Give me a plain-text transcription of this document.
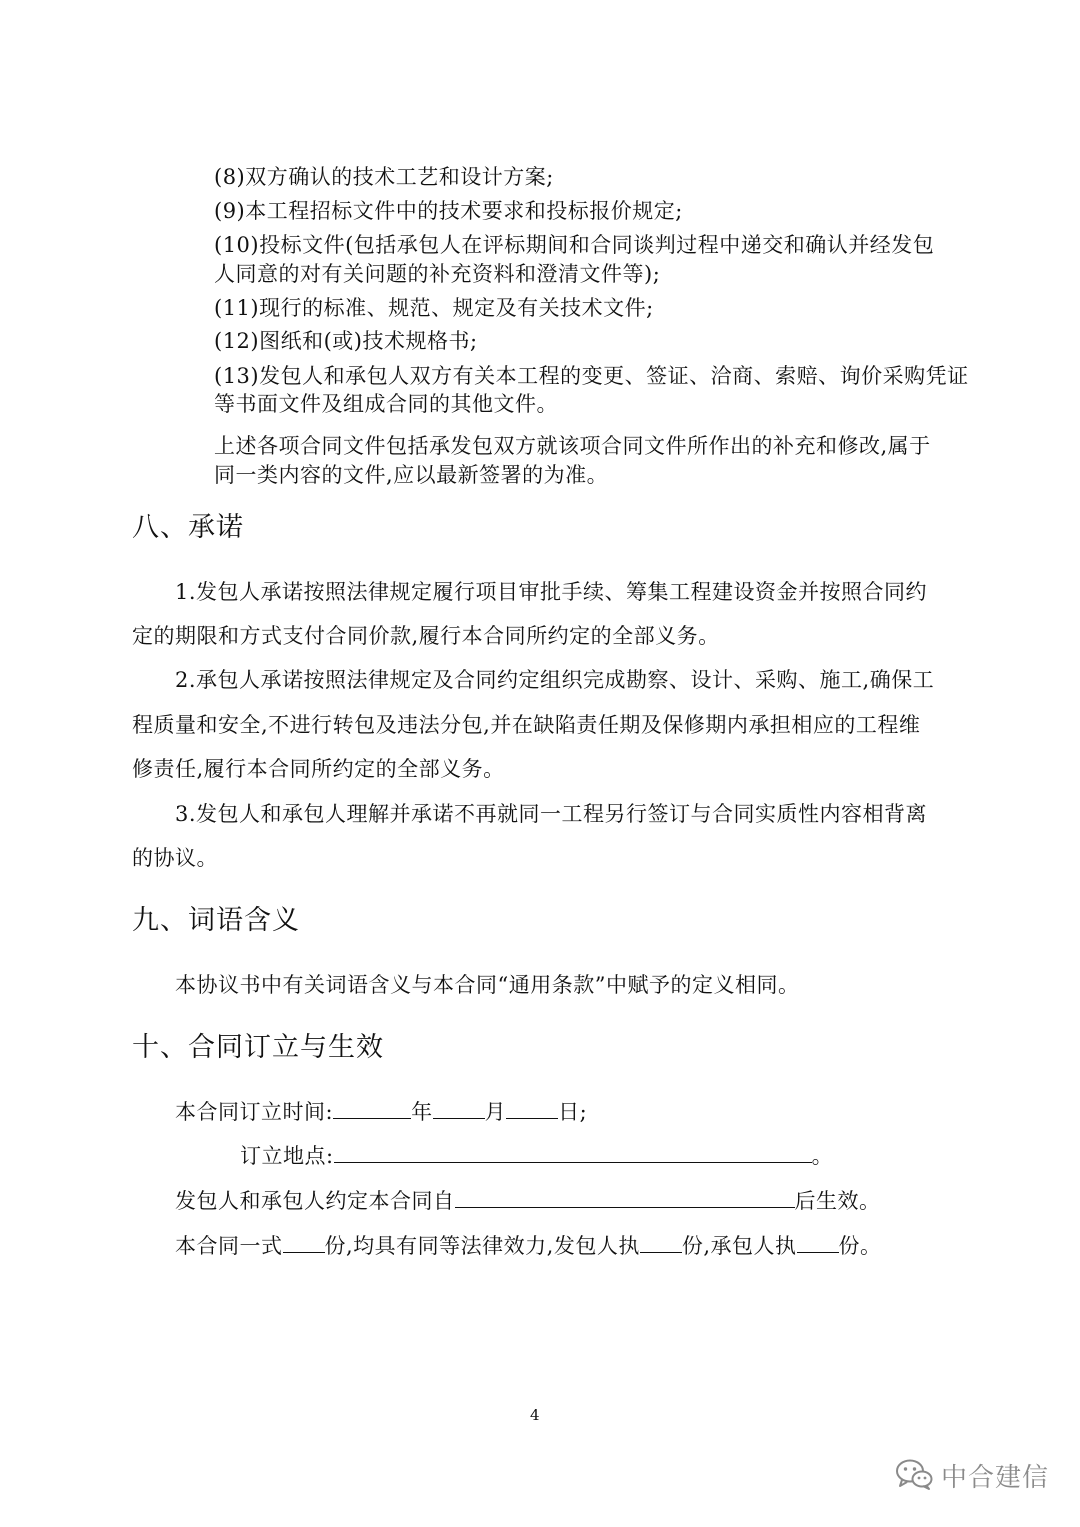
(8)双方确认的技术工艺和设计方案;
(9)本工程招标文件中的技术要求和投标报价规定;
(10)投标文件(包括承包人在评标期间和合同谈判过程中递交和确认并经发包
人同意的对有关问题的补充资料和澄清文件等);
(11)现行的标准、规范、规定及有关技术文件;
(12)图纸和(或)技术规格书;
(13)发包人和承包人双方有关本工程的变更、签证、洽商、索赔、询价采购凭证
等书面文件及组成合同的其他文件。
上述各项合同文件包括承发包双方就该项合同文件所作出的补充和修改,属于
同一类内容的文件,应以最新签署的为准。
八、承诺
1.发包人承诺按照法律规定履行项目审批手续、筹集工程建设资金并按照合同约
定的期限和方式支付合同价款,履行本合同所约定的全部义务。
2.承包人承诺按照法律规定及合同约定组织完成勘察、设计、采购、施工,确保工
程质量和安全,不进行转包及违法分包,并在缺陷责任期及保修期内承担相应的工程维
修责任,履行本合同所约定的全部义务。
3.发包人和承包人理解并承诺不再就同一工程另行签订与合同实质性内容相背离
的协议。
九、词语含义
本协议书中有关词语含义与本合同“通用条款”中赋予的定义相同。
十、合同订立与生效
本合同订立时间:	年 月 日;
订立地点:	。
发包人和承包人约定本合同自	后生效。
本合同一式 份,均具有同等法律效力,发包人执 份,承包人执 份。
4
中合建信
